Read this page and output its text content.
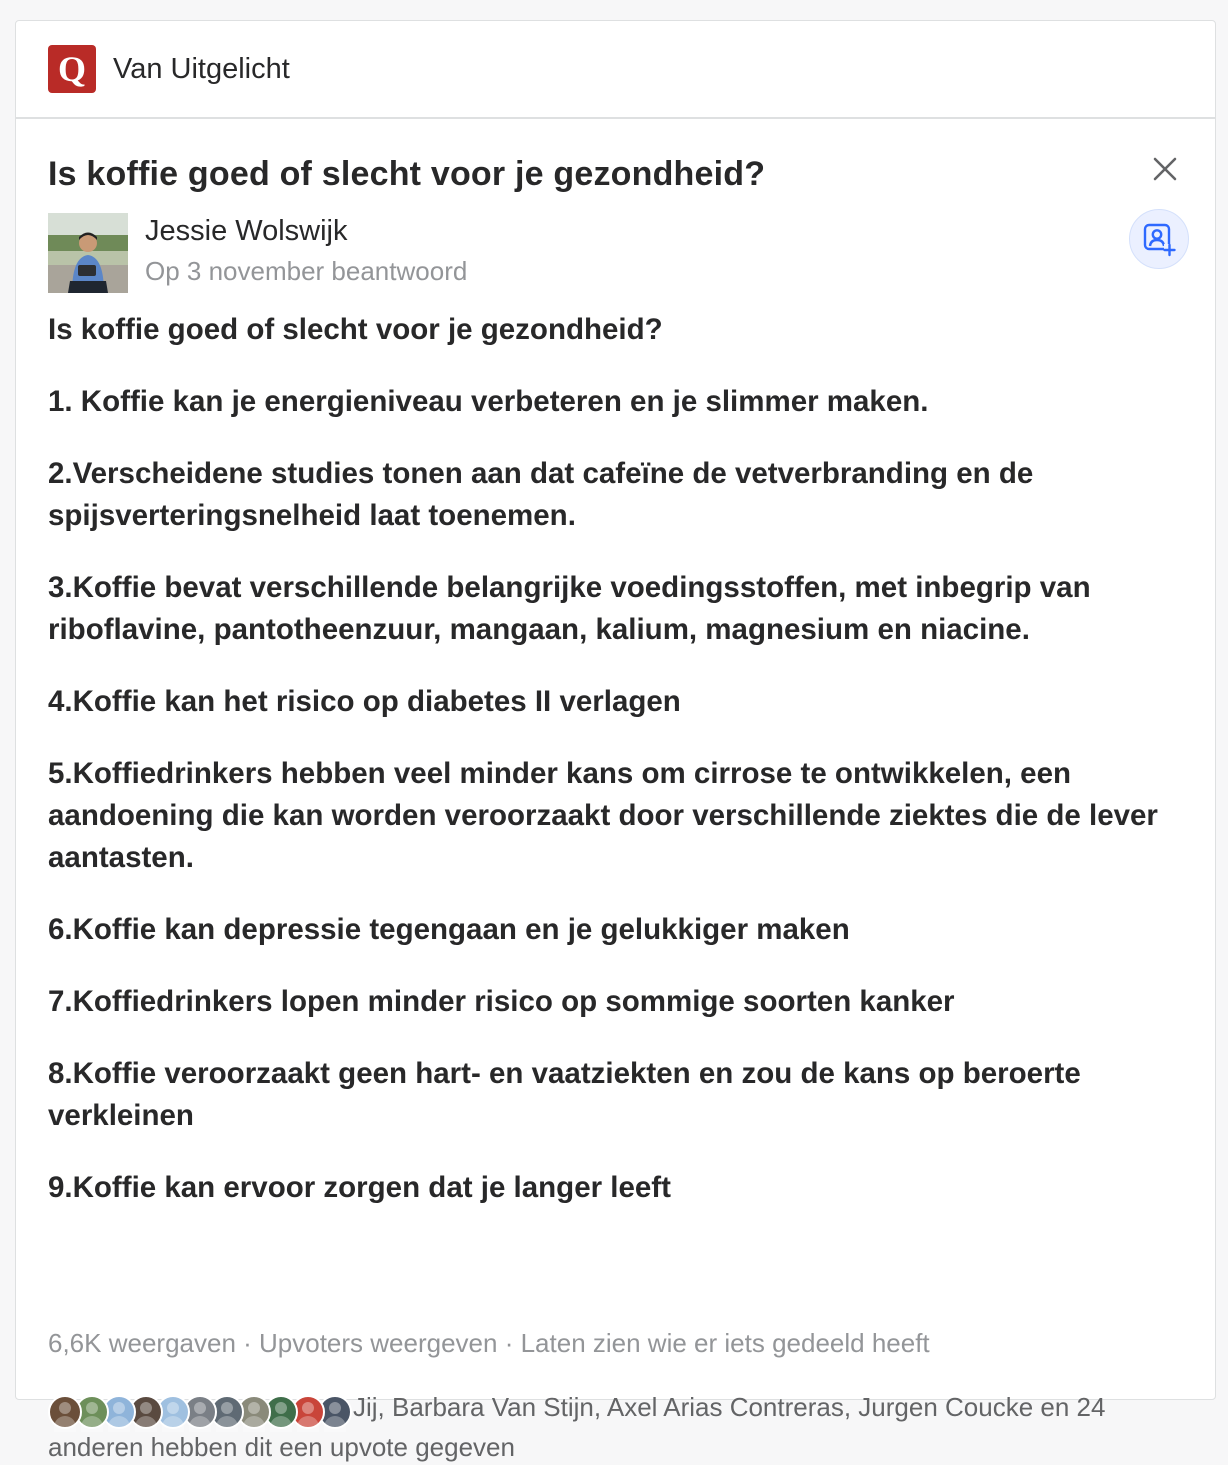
Q Van Uitgelicht
Is koffie goed of slecht voor je gezondheid?
Jessie Wolswijk
Op 3 november beantwoord

Is koffie goed of slecht voor je gezondheid?

1. Koffie kan je energieniveau verbeteren en je slimmer maken.

2.Verscheidene studies tonen aan dat cafeïne de vetverbranding en de spijsverteringsnelheid laat toenemen.

3.Koffie bevat verschillende belangrijke voedingsstoffen, met inbegrip van riboflavine, pantotheenzuur, mangaan, kalium, magnesium en niacine.

4.Koffie kan het risico op diabetes II verlagen

5.Koffiedrinkers hebben veel minder kans om cirrose te ontwikkelen, een aandoening die kan worden veroorzaakt door verschillende ziektes die de lever aantasten.

6.Koffie kan depressie tegengaan en je gelukkiger maken

7.Koffiedrinkers lopen minder risico op sommige soorten kanker

8.Koffie veroorzaakt geen hart- en vaatziekten en zou de kans op beroerte verkleinen

9.Koffie kan ervoor zorgen dat je langer leeft

6,6K weergaven · Upvoters weergeven · Laten zien wie er iets gedeeld heeft
Jij, Barbara Van Stijn, Axel Arias Contreras, Jurgen Coucke en 24 anderen hebben dit een upvote gegeven
